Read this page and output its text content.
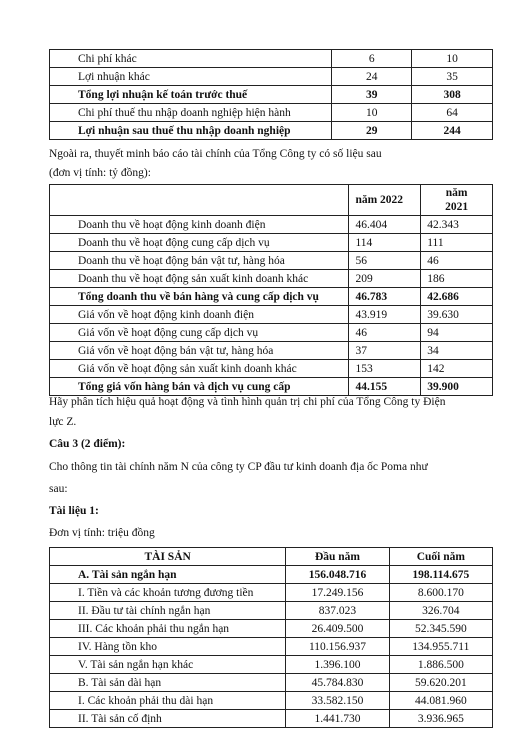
Chi phí khác	6	10
Lợi nhuận khác	24	35
Tổng lợi nhuận kế toán trước thuế	39	308
Chi phí thuế thu nhập doanh nghiệp hiện hành	10	64
Lợi nhuận sau thuế thu nhập doanh nghiệp	29	244
Ngoài ra, thuyết minh báo cáo tài chính của Tổng Công ty có số liệu sau
(đơn vị tính: tỷ đồng):
	năm 2022	năm
2021

Doanh thu về hoạt động kinh doanh điện	46.404	42.343
Doanh thu về hoạt động cung cấp dịch vụ	114	111
Doanh thu về hoạt động bán vật tư, hàng hóa	56	46
Doanh thu về hoạt động sản xuất kinh doanh khác	209	186
Tổng doanh thu về bán hàng và cung cấp dịch vụ	46.783	42.686
Giá vốn về hoạt động kinh doanh điện	43.919	39.630
Giá vốn về hoạt động cung cấp dịch vụ	46	94
Giá vốn về hoạt động bán vật tư, hàng hóa	37	34
Giá vốn về hoạt động sản xuất kinh doanh khác	153	142
Tổng giá vốn hàng bán và dịch vụ cung cấp	44.155	39.900
Hãy phân tích hiệu quả hoạt động và tình hình quản trị chi phí của Tổng Công ty Điện
lực Z.
Câu 3 (2 điểm):
Cho thông tin tài chính năm N của công ty CP đầu tư kinh doanh địa ốc Poma như
sau:
Tài liệu 1:
Đơn vị tính: triệu đồng
TÀI SẢN	Đầu năm	Cuối năm
A. Tài sản ngắn hạn	156.048.716	198.114.675
I. Tiền và các khoản tương đương tiền	17.249.156	8.600.170
II. Đầu tư tài chính ngắn hạn	837.023	326.704
III. Các khoản phải thu ngắn hạn	26.409.500	52.345.590
IV. Hàng tồn kho	110.156.937	134.955.711
V. Tài sản ngắn hạn khác	1.396.100	1.886.500
B. Tài sản dài hạn	45.784.830	59.620.201
I. Các khoản phải thu dài hạn	33.582.150	44.081.960
II. Tài sản cố định	1.441.730	3.936.965
